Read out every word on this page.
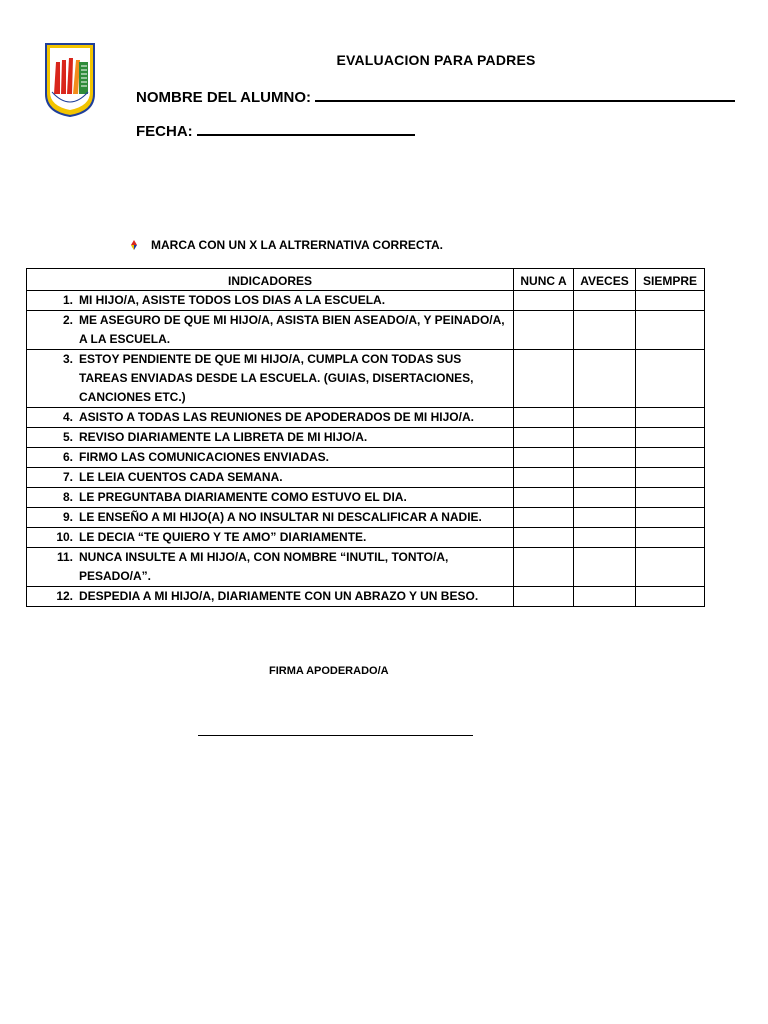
EVALUACION PARA PADRES
NOMBRE DEL ALUMNO:
FECHA:
MARCA CON UN X LA ALTRERNATIVA CORRECTA.
INDICADORES	NUNC A	AVECES	SIEMPRE

1. MI HIJO/A, ASISTE TODOS LOS DIAS A LA ESCUELA.			

2. ME ASEGURO DE QUE MI HIJO/A, ASISTA BIEN ASEADO/A, Y PEINADO/A, A LA ESCUELA.			

3. ESTOY PENDIENTE DE QUE MI HIJO/A, CUMPLA CON TODAS SUS TAREAS ENVIADAS DESDE LA ESCUELA. (GUIAS, DISERTACIONES, CANCIONES ETC.)			

4. ASISTO A TODAS LAS REUNIONES DE APODERADOS DE MI HIJO/A.			

5. REVISO DIARIAMENTE LA LIBRETA DE MI HIJO/A.			

6. FIRMO LAS COMUNICACIONES ENVIADAS.			

7. LE LEIA CUENTOS CADA SEMANA.			

8. LE PREGUNTABA DIARIAMENTE COMO ESTUVO EL DIA.			

9. LE ENSEÑO A MI HIJO(A) A NO INSULTAR NI DESCALIFICAR A NADIE.			

10. LE DECIA “TE QUIERO Y TE AMO” DIARIAMENTE.			

11. NUNCA INSULTE A MI HIJO/A, CON NOMBRE “INUTIL, TONTO/A, PESADO/A”.			

12. DESPEDIA A MI HIJO/A, DIARIAMENTE CON UN ABRAZO Y UN BESO.			

FIRMA APODERADO/A
